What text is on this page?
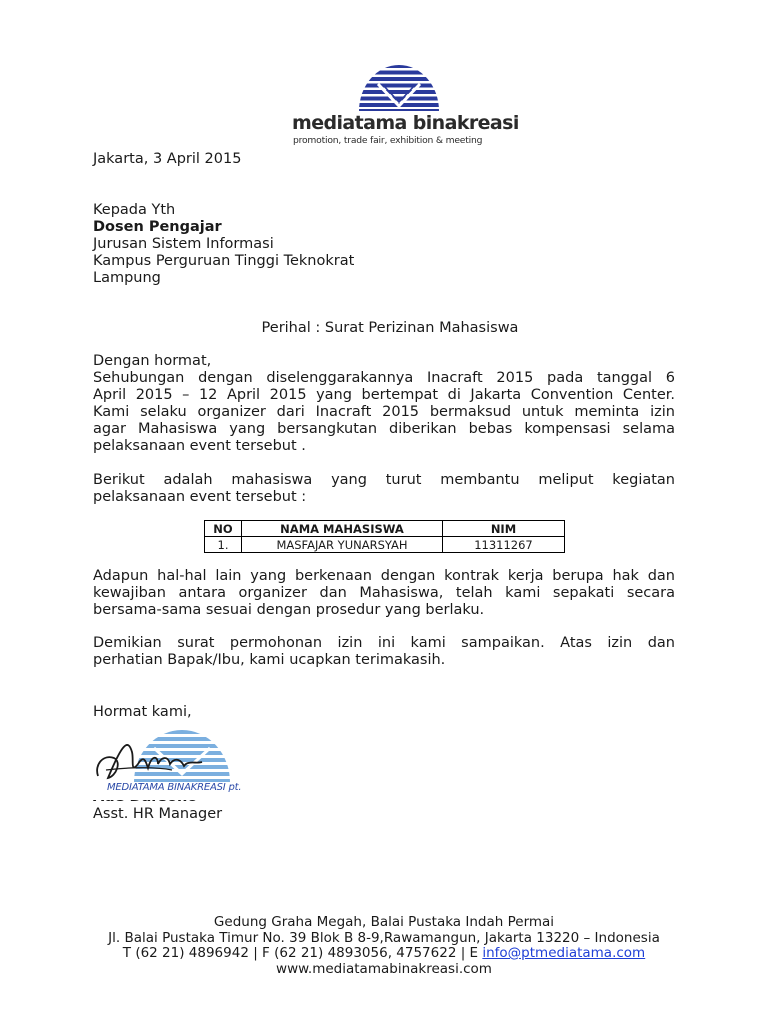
mediatama binakreasi
promotion, trade fair, exhibition & meeting
Jakarta, 3 April 2015
Kepada Yth
Dosen Pengajar
Jurusan Sistem Informasi
Kampus Perguruan Tinggi Teknokrat
Lampung
Perihal : Surat Perizinan Mahasiswa
Dengan hormat,
Sehubungan dengan diselenggarakannya Inacraft 2015 pada tanggal 6
April 2015 – 12 April 2015 yang bertempat di Jakarta Convention Center.
Kami selaku organizer dari Inacraft 2015 bermaksud untuk meminta izin
agar Mahasiswa yang bersangkutan diberikan bebas kompensasi selama
pelaksanaan event tersebut .
Berikut adalah mahasiswa yang turut membantu meliput kegiatan
pelaksanaan event tersebut :
NO	NAMA MAHASISWA	NIM
1.	MASFAJAR YUNARSYAH	11311267
Adapun hal-hal lain yang berkenaan dengan kontrak kerja berupa hak dan
kewajiban antara organizer dan Mahasiswa, telah kami sepakati secara
bersama-sama sesuai dengan prosedur yang berlaku.
Demikian surat permohonan izin ini kami sampaikan. Atas izin dan
perhatian Bapak/Ibu, kami ucapkan terimakasih.
Hormat kami,
MEDIATAMA BINAKREASI pt.
Asst. HR Manager
Gedung Graha Megah, Balai Pustaka Indah Permai
Jl. Balai Pustaka Timur No. 39 Blok B 8-9,Rawamangun, Jakarta 13220 – Indonesia
T (62 21) 4896942 | F (62 21) 4893056, 4757622 | E info@ptmediatama.com
www.mediatamabinakreasi.com
